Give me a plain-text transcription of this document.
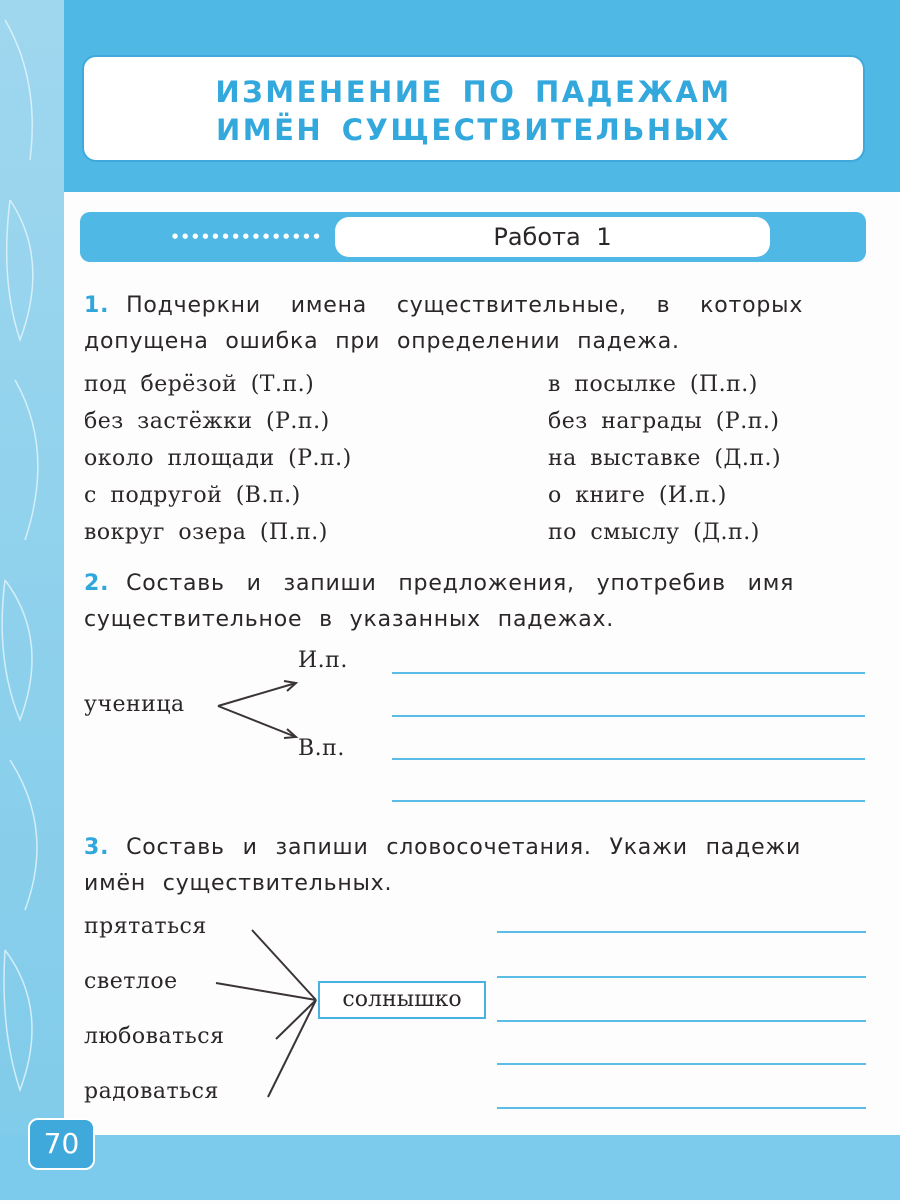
ИЗМЕНЕНИЕ ПО ПАДЕЖАМ
ИМЁН СУЩЕСТВИТЕЛЬНЫХ
●●●●●●●●●●●●●●●	●●●●●●●●●●●●●●●
Работа 1
1. Подчеркни имена существительные, в которых
допущена ошибка при определении падежа.
под берёзой (Т.п.)
без застёжки (Р.п.)
около площади (Р.п.)
с подругой (В.п.)
вокруг озера (П.п.)
в посылке (П.п.)
без награды (Р.п.)
на выставке (Д.п.)
о книге (И.п.)
по смыслу (Д.п.)
2. Составь и запиши предложения, употребив имя
существительное в указанных падежах.
И.п.
ученица
В.п.
3. Составь и запиши словосочетания. Укажи падежи
имён существительных.
прятаться
светлое
любоваться
радоваться
солнышко
70
